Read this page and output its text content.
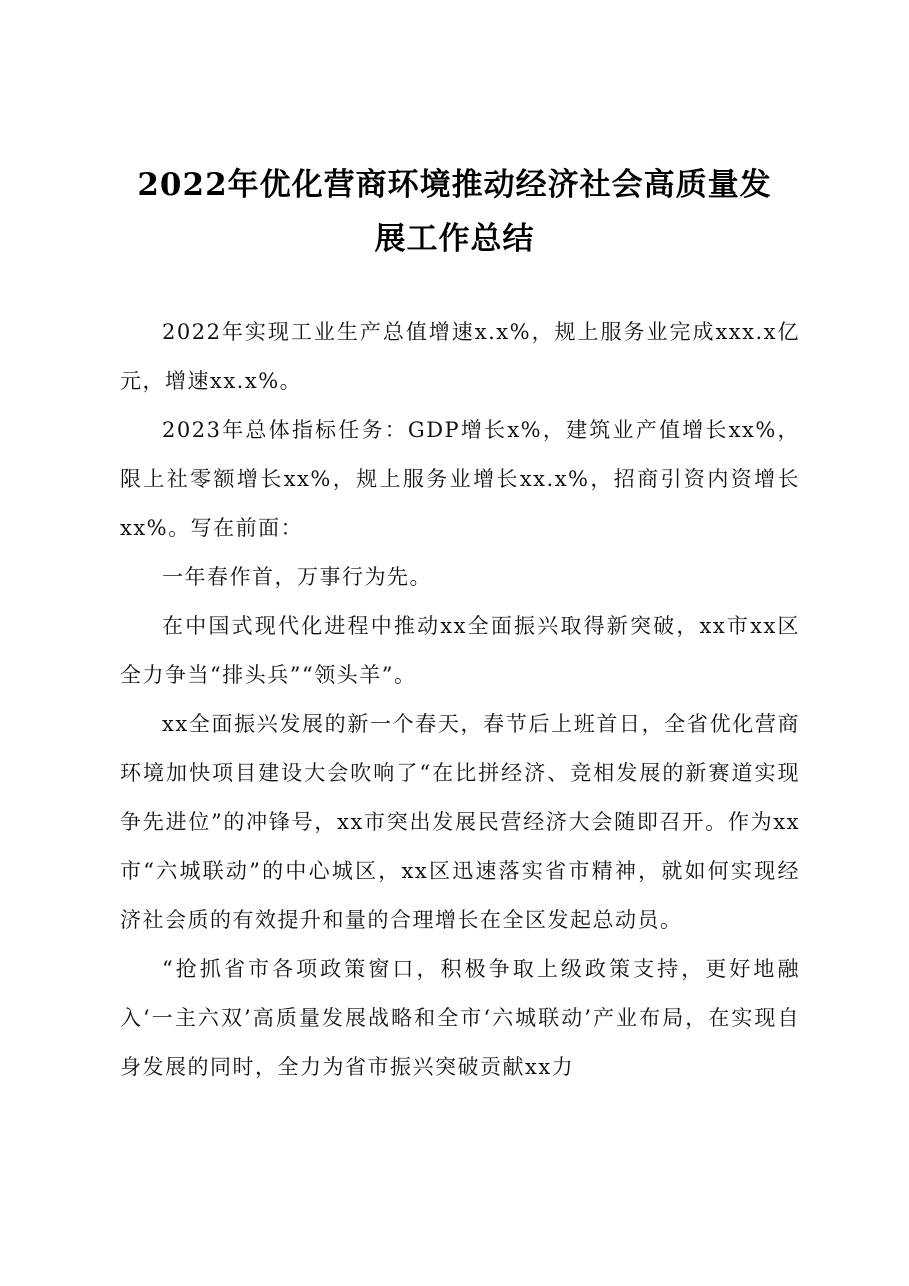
2022年优化营商环境推动经济社会高质量发
展工作总结

2022年实现工业生产总值增速x.x%，规上服务业完成xxx.x亿元，增速xx.x%。

2023年总体指标任务：GDP增长x%，建筑业产值增长xx%，限上社零额增长xx%，规上服务业增长xx.x%，招商引资内资增长xx%。写在前面：

一年春作首，万事行为先。

在中国式现代化进程中推动xx全面振兴取得新突破，xx市xx区全力争当“排头兵”“领头羊”。

xx全面振兴发展的新一个春天，春节后上班首日，全省优化营商环境加快项目建设大会吹响了“在比拼经济、竞相发展的新赛道实现争先进位”的冲锋号，xx市突出发展民营经济大会随即召开。作为xx市“六城联动”的中心城区，xx区迅速落实省市精神，就如何实现经济社会质的有效提升和量的合理增长在全区发起总动员。

“抢抓省市各项政策窗口，积极争取上级政策支持，更好地融入‘一主六双’高质量发展战略和全市‘六城联动’产业布局，在实现自身发展的同时，全力为省市振兴突破贡献xx力
